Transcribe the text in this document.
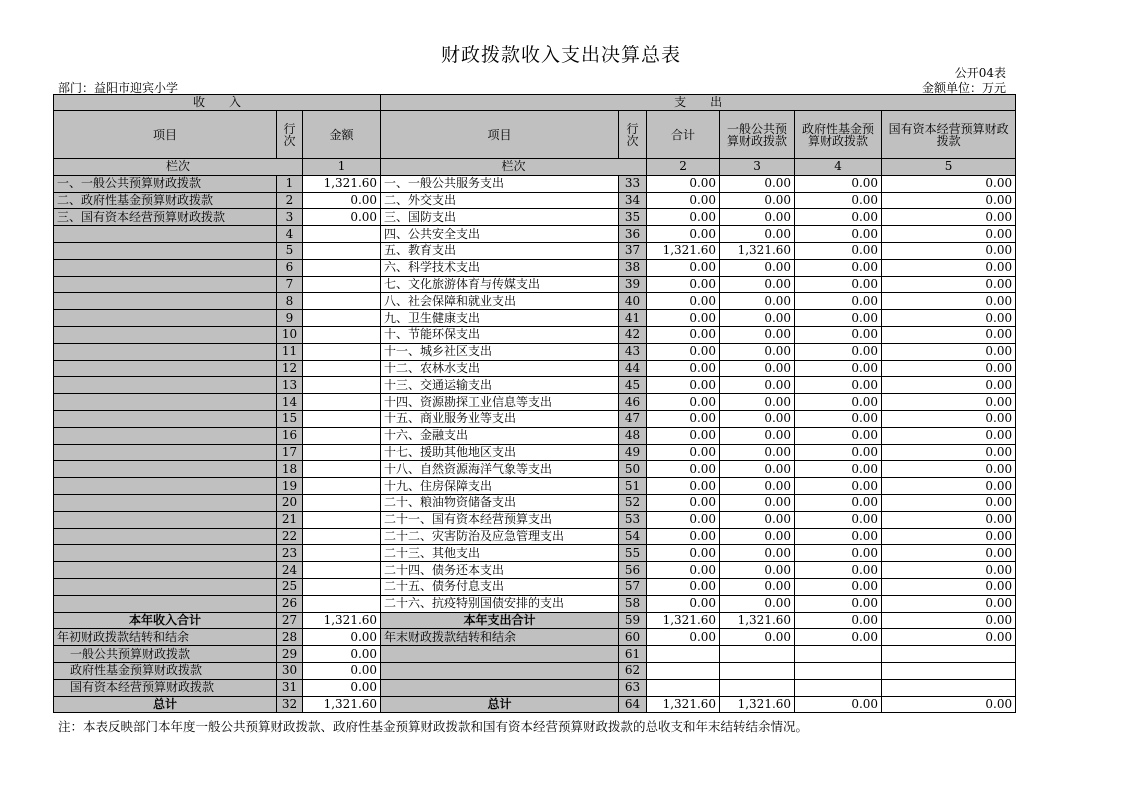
财政拨款收入支出决算总表
公开04表
部门：益阳市迎宾小学	金额单位：万元
收　　入			支　　出					
项目	行次	金额	项目	行次	合计	一般公共预算财政拨款	政府性基金预算财政拨款	国有资本经营预算财政拨款
栏次		1	栏次		2	3	4	5
一、一般公共预算财政拨款	1	1,321.60	一、一般公共服务支出	33	0.00	0.00	0.00	0.00
二、政府性基金预算财政拨款	2	0.00	二、外交支出	34	0.00	0.00	0.00	0.00
三、国有资本经营预算财政拨款	3	0.00	三、国防支出	35	0.00	0.00	0.00	0.00
	4		四、公共安全支出	36	0.00	0.00	0.00	0.00
	5		五、教育支出	37	1,321.60	1,321.60	0.00	0.00
	6		六、科学技术支出	38	0.00	0.00	0.00	0.00
	7		七、文化旅游体育与传媒支出	39	0.00	0.00	0.00	0.00
	8		八、社会保障和就业支出	40	0.00	0.00	0.00	0.00
	9		九、卫生健康支出	41	0.00	0.00	0.00	0.00
	10		十、节能环保支出	42	0.00	0.00	0.00	0.00
	11		十一、城乡社区支出	43	0.00	0.00	0.00	0.00
	12		十二、农林水支出	44	0.00	0.00	0.00	0.00
	13		十三、交通运输支出	45	0.00	0.00	0.00	0.00
	14		十四、资源勘探工业信息等支出	46	0.00	0.00	0.00	0.00
	15		十五、商业服务业等支出	47	0.00	0.00	0.00	0.00
	16		十六、金融支出	48	0.00	0.00	0.00	0.00
	17		十七、援助其他地区支出	49	0.00	0.00	0.00	0.00
	18		十八、自然资源海洋气象等支出	50	0.00	0.00	0.00	0.00
	19		十九、住房保障支出	51	0.00	0.00	0.00	0.00
	20		二十、粮油物资储备支出	52	0.00	0.00	0.00	0.00
	21		二十一、国有资本经营预算支出	53	0.00	0.00	0.00	0.00
	22		二十二、灾害防治及应急管理支出	54	0.00	0.00	0.00	0.00
	23		二十三、其他支出	55	0.00	0.00	0.00	0.00
	24		二十四、债务还本支出	56	0.00	0.00	0.00	0.00
	25		二十五、债务付息支出	57	0.00	0.00	0.00	0.00
	26		二十六、抗疫特别国债安排的支出	58	0.00	0.00	0.00	0.00
本年收入合计	27	1,321.60	本年支出合计	59	1,321.60	1,321.60	0.00	0.00
年初财政拨款结转和结余	28	0.00	年末财政拨款结转和结余	60	0.00	0.00	0.00	0.00
一般公共预算财政拨款	29	0.00		61				
政府性基金预算财政拨款	30	0.00		62				
国有资本经营预算财政拨款	31	0.00		63				
总计	32	1,321.60	总计	64	1,321.60	1,321.60	0.00	0.00
注：本表反映部门本年度一般公共预算财政拨款、政府性基金预算财政拨款和国有资本经营预算财政拨款的总收支和年末结转结余情况。
